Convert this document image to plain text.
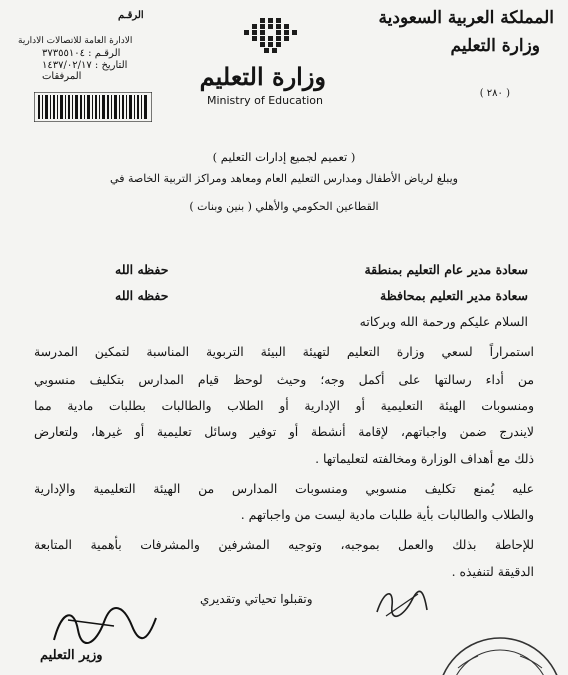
المملكة العربية السعودية
وزارة التعليم
( ٢٨٠ )
وزارة التعليم
Ministry of Education
الرقـم
الادارة العامة للاتصالات الادارية
الرقـم : ٣٧٣٥٥١٠٤
التاريخ : ١٤٣٧/٠٢/١٧
المرفقات
( تعميم لجميع إدارات التعليم )
ويبلغ لرياض الأطفال ومدارس التعليم العام ومعاهد ومراكز التربية الخاصة في
القطاعين الحكومي والأهلي ( بنين وبنات )
سعادة مدير عام التعليم بمنطقة
حفظه الله
سعادة مدير التعليم بمحافظة
حفظه الله
السلام عليكم ورحمة الله وبركاته
استمراراً لسعي وزارة التعليم لتهيئة البيئة التربوية المناسبة لتمكين المدرسة
من أداء رسالتها على أكمل وجه؛ وحيث لوحظ قيام المدارس بتكليف منسوبي
ومنسوبات الهيئة التعليمية أو الإدارية أو الطلاب والطالبات بطلبات مادية مما
لايندرج ضمن واجباتهم، لإقامة أنشطة أو توفير وسائل تعليمية أو غيرها، ولتعارض
ذلك مع أهداف الوزارة ومخالفته لتعليماتها .
عليه يُمنع تكليف منسوبي ومنسوبات المدارس من الهيئة التعليمية والإدارية
والطلاب والطالبات بأية طلبات مادية ليست من واجباتهم .
للإحاطة بذلك والعمل بموجبه، وتوجيه المشرفين والمشرفات بأهمية المتابعة
الدقيقة لتنفيذه .
وتقبلوا تحياتي وتقديري
وزير التعليم
